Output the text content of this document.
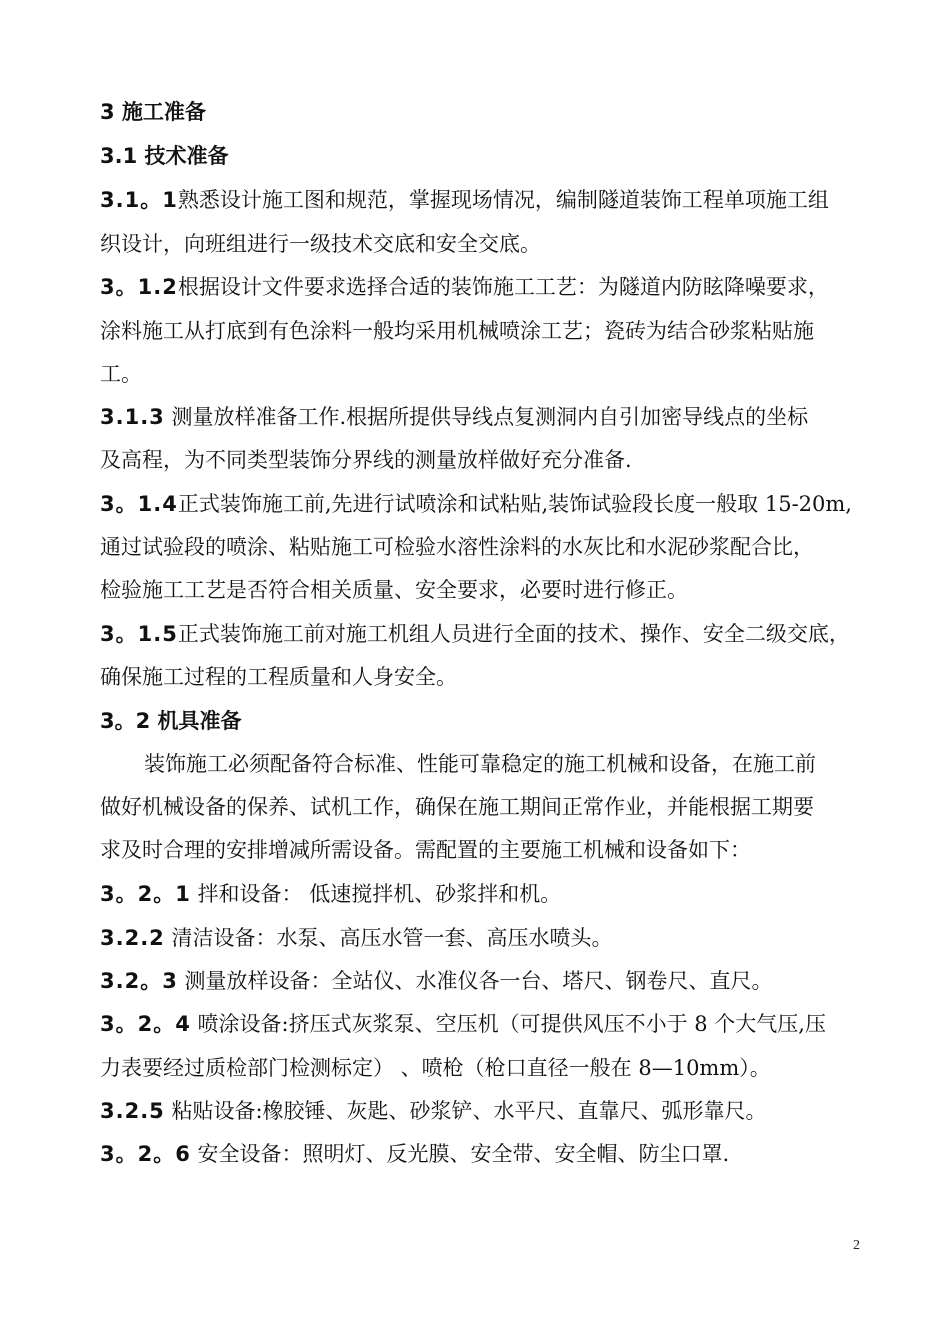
3 施工准备
3.1 技术准备
3.1。1熟悉设计施工图和规范，掌握现场情况，编制隧道装饰工程单项施工组
织设计，向班组进行一级技术交底和安全交底。
3。1.2根据设计文件要求选择合适的装饰施工工艺：为隧道内防眩降噪要求，
涂料施工从打底到有色涂料一般均采用机械喷涂工艺；瓷砖为结合砂浆粘贴施
工。
3.1.3 测量放样准备工作.根据所提供导线点复测洞内自引加密导线点的坐标
及高程，为不同类型装饰分界线的测量放样做好充分准备.
3。1.4正式装饰施工前,先进行试喷涂和试粘贴,装饰试验段长度一般取 15-20m,
通过试验段的喷涂、粘贴施工可检验水溶性涂料的水灰比和水泥砂浆配合比，
检验施工工艺是否符合相关质量、安全要求，必要时进行修正。
3。1.5正式装饰施工前对施工机组人员进行全面的技术、操作、安全二级交底，
确保施工过程的工程质量和人身安全。
3。2 机具准备
装饰施工必须配备符合标准、性能可靠稳定的施工机械和设备，在施工前
做好机械设备的保养、试机工作，确保在施工期间正常作业，并能根据工期要
求及时合理的安排增减所需设备。需配置的主要施工机械和设备如下：
3。2。1 拌和设备： 低速搅拌机、砂浆拌和机。
3.2.2 清洁设备：水泵、高压水管一套、高压水喷头。
3.2。3 测量放样设备：全站仪、水准仪各一台、塔尺、钢卷尺、直尺。
3。2。4 喷涂设备:挤压式灰浆泵、空压机（可提供风压不小于 8 个大气压,压
力表要经过质检部门检测标定） 、喷枪（枪口直径一般在 8—10mm）。
3.2.5 粘贴设备:橡胶锤、灰匙、砂浆铲、水平尺、直靠尺、弧形靠尺。
3。2。6 安全设备：照明灯、反光膜、安全带、安全帽、防尘口罩.
2
